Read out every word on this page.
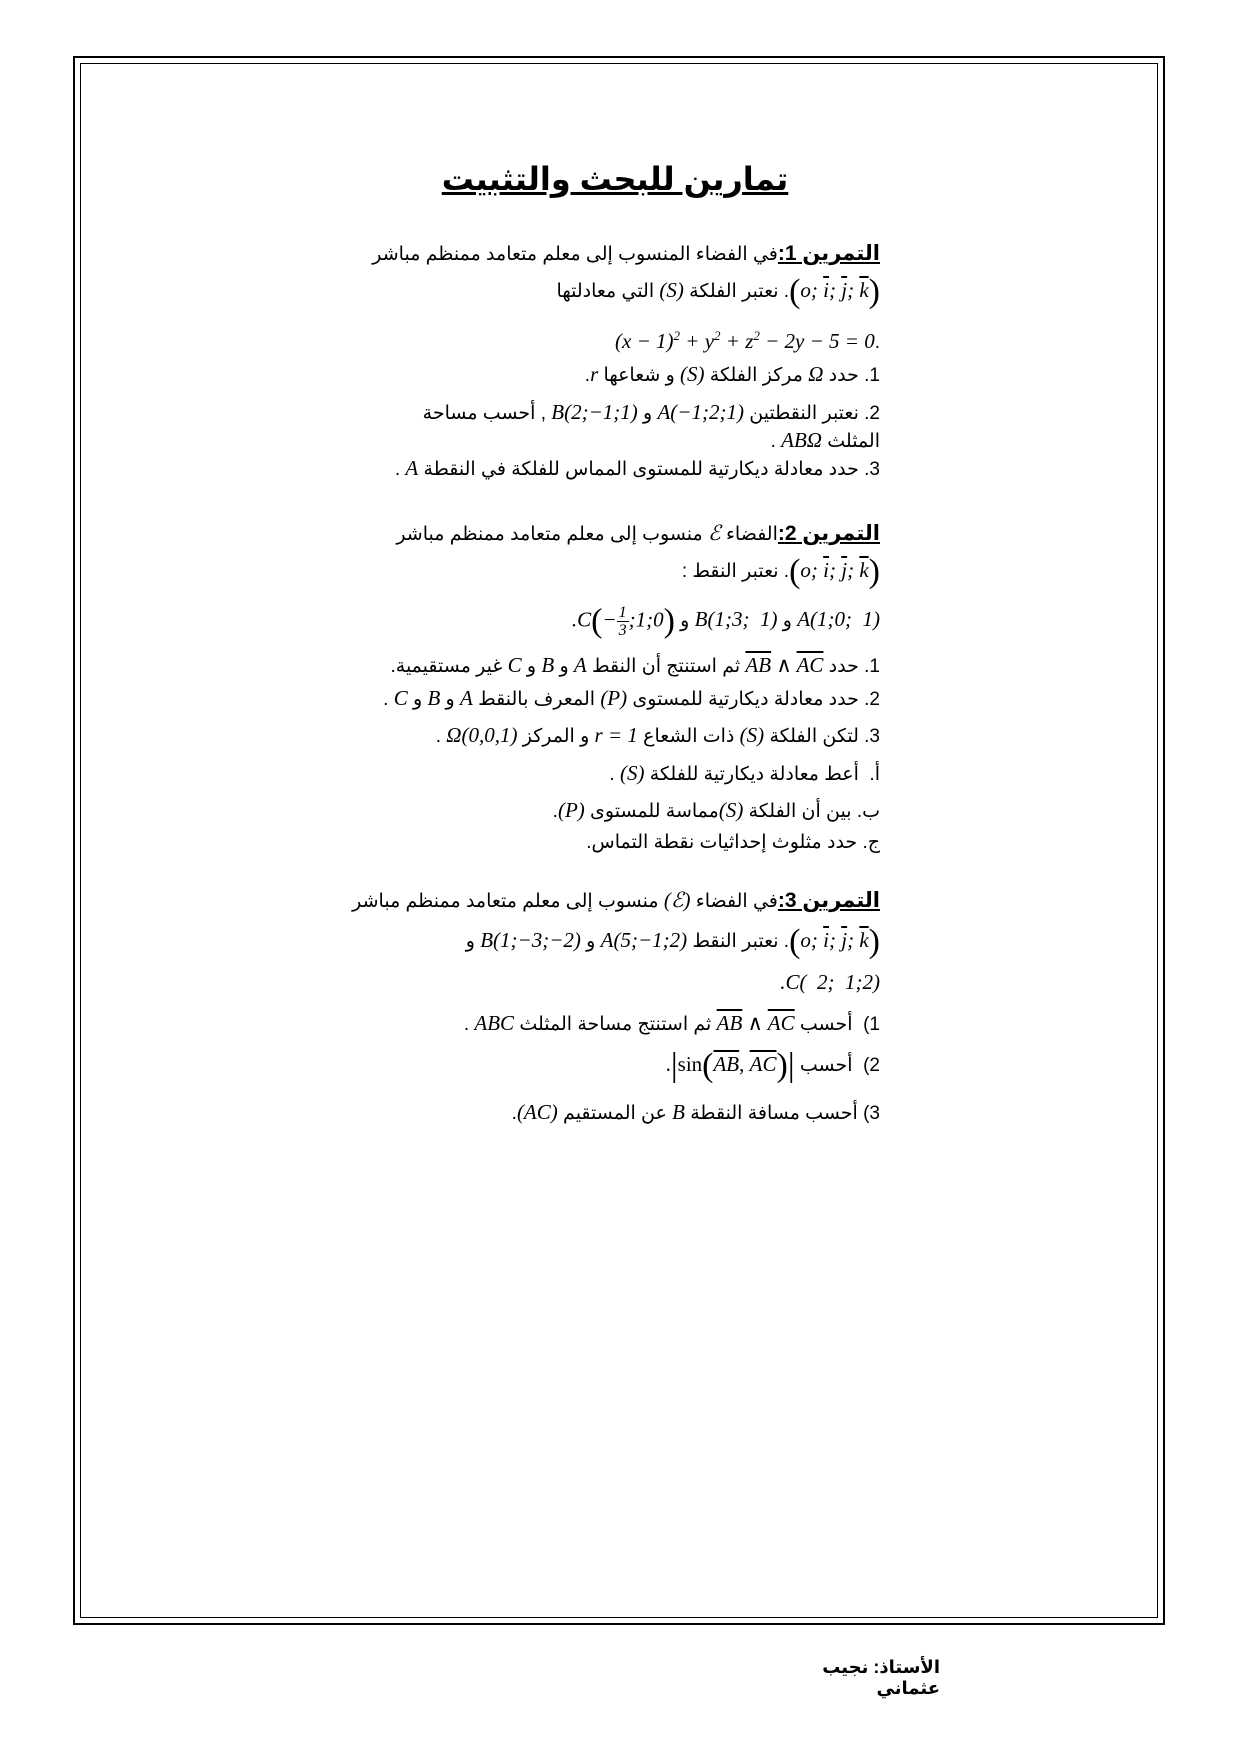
تمارين للبحث والتثبيت
التمرين 1:في الفضاء المنسوب إلى معلم متعامد ممنظم مباشر
(o; $\overline{i}$; $\overline{j}$; $\overline{k}$). نعتبر الفلكة (S) التي معادلتها
$.(x - 1)^2 + y^2 + z^2 - 2y - 5 = 0$
1. حدد Ω مركز الفلكة (S) و شعاعها r.
2. نعتبر النقطتين A(−1;2;1) و B(2;−1;1) , أحسب مساحة
المثلث ABΩ .
3. حدد معادلة ديكارتية للمستوى المماس للفلكة في النقطة A .
التمرين 2:الفضاء ℰ منسوب إلى معلم متعامد ممنظم مباشر
(o; $\overline{i}$; $\overline{j}$; $\overline{k}$). نعتبر النقط :
A(1;0;  1) و B(1;3;  1) و $.C(- \frac{1}{3}$ ;1;0)
1. حدد $\overline{AB}$ ∧ $\overline{AC}$ ثم استنتج أن النقط A و B و C غير مستقيمية.
2. حدد معادلة ديكارتية للمستوى (P) المعرف بالنقط A و B و C .
3. لتكن الفلكة (S) ذات الشعاع r = 1 و المركز Ω(0,0,1) .
أ.  أعط معادلة ديكارتية للفلكة (S) .
ب. بين أن الفلكة (S)مماسة للمستوى (P).
ج. حدد مثلوث إحداثيات نقطة التماس.
التمرين 3:في الفضاء (ℰ) منسوب إلى معلم متعامد ممنظم مباشر
(o; $\overline{i}$; $\overline{j}$; $\overline{k}$). نعتبر النقط A(5;−1;2) و B(1;−3;−2) و
.C(  2;  1;2)
1)  أحسب $\overline{AB}$ ∧ $\overline{AC}$ ثم استنتج مساحة المثلث ABC .
2)  أحسب $.|\sin(\overline{AB}$, $\overline{AC})|$
3) أحسب مسافة النقطة B عن المستقيم (AC).
الأستاذ: نجيب عثماني
